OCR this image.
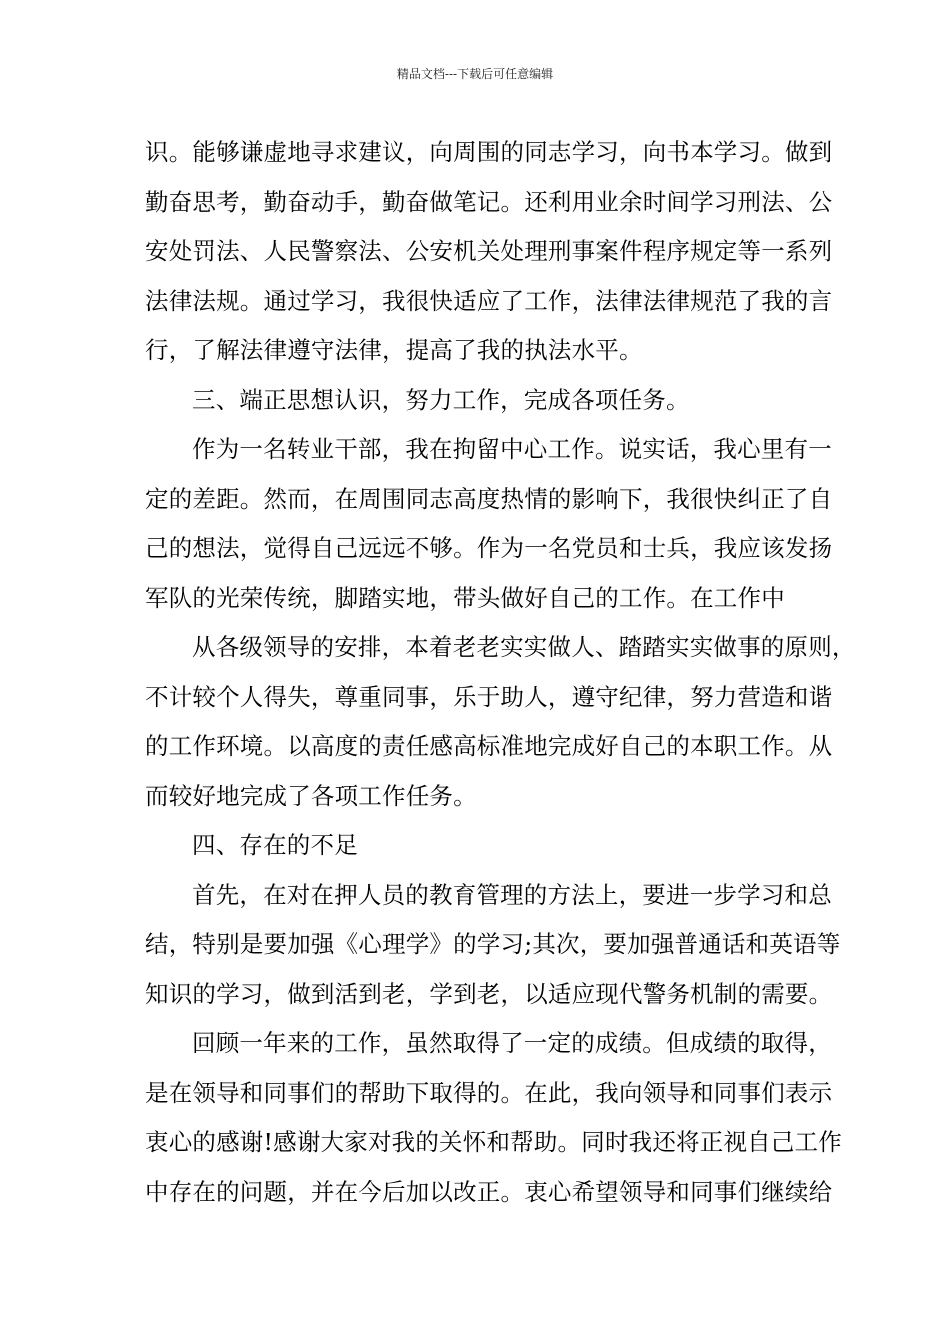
精品文档---下载后可任意编辑
识。能够谦虚地寻求建议，向周围的同志学习，向书本学习。做到
勤奋思考，勤奋动手，勤奋做笔记。还利用业余时间学习刑法、公
安处罚法、人民警察法、公安机关处理刑事案件程序规定等一系列
法律法规。通过学习，我很快适应了工作，法律法律规范了我的言
行，了解法律遵守法律，提高了我的执法水平。
三、端正思想认识，努力工作，完成各项任务。
作为一名转业干部，我在拘留中心工作。说实话，我心里有一
定的差距。然而，在周围同志高度热情的影响下，我很快纠正了自
己的想法，觉得自己远远不够。作为一名党员和士兵，我应该发扬
军队的光荣传统，脚踏实地，带头做好自己的工作。在工作中
从各级领导的安排，本着老老实实做人、踏踏实实做事的原则，
不计较个人得失，尊重同事，乐于助人，遵守纪律，努力营造和谐
的工作环境。以高度的责任感高标准地完成好自己的本职工作。从
而较好地完成了各项工作任务。
四、存在的不足
首先，在对在押人员的教育管理的方法上，要进一步学习和总
结，特别是要加强《心理学》的学习;其次，要加强普通话和英语等
知识的学习，做到活到老，学到老，以适应现代警务机制的需要。
回顾一年来的工作，虽然取得了一定的成绩。但成绩的取得，
是在领导和同事们的帮助下取得的。在此，我向领导和同事们表示
衷心的感谢!感谢大家对我的关怀和帮助。同时我还将正视自己工作
中存在的问题，并在今后加以改正。衷心希望领导和同事们继续给
